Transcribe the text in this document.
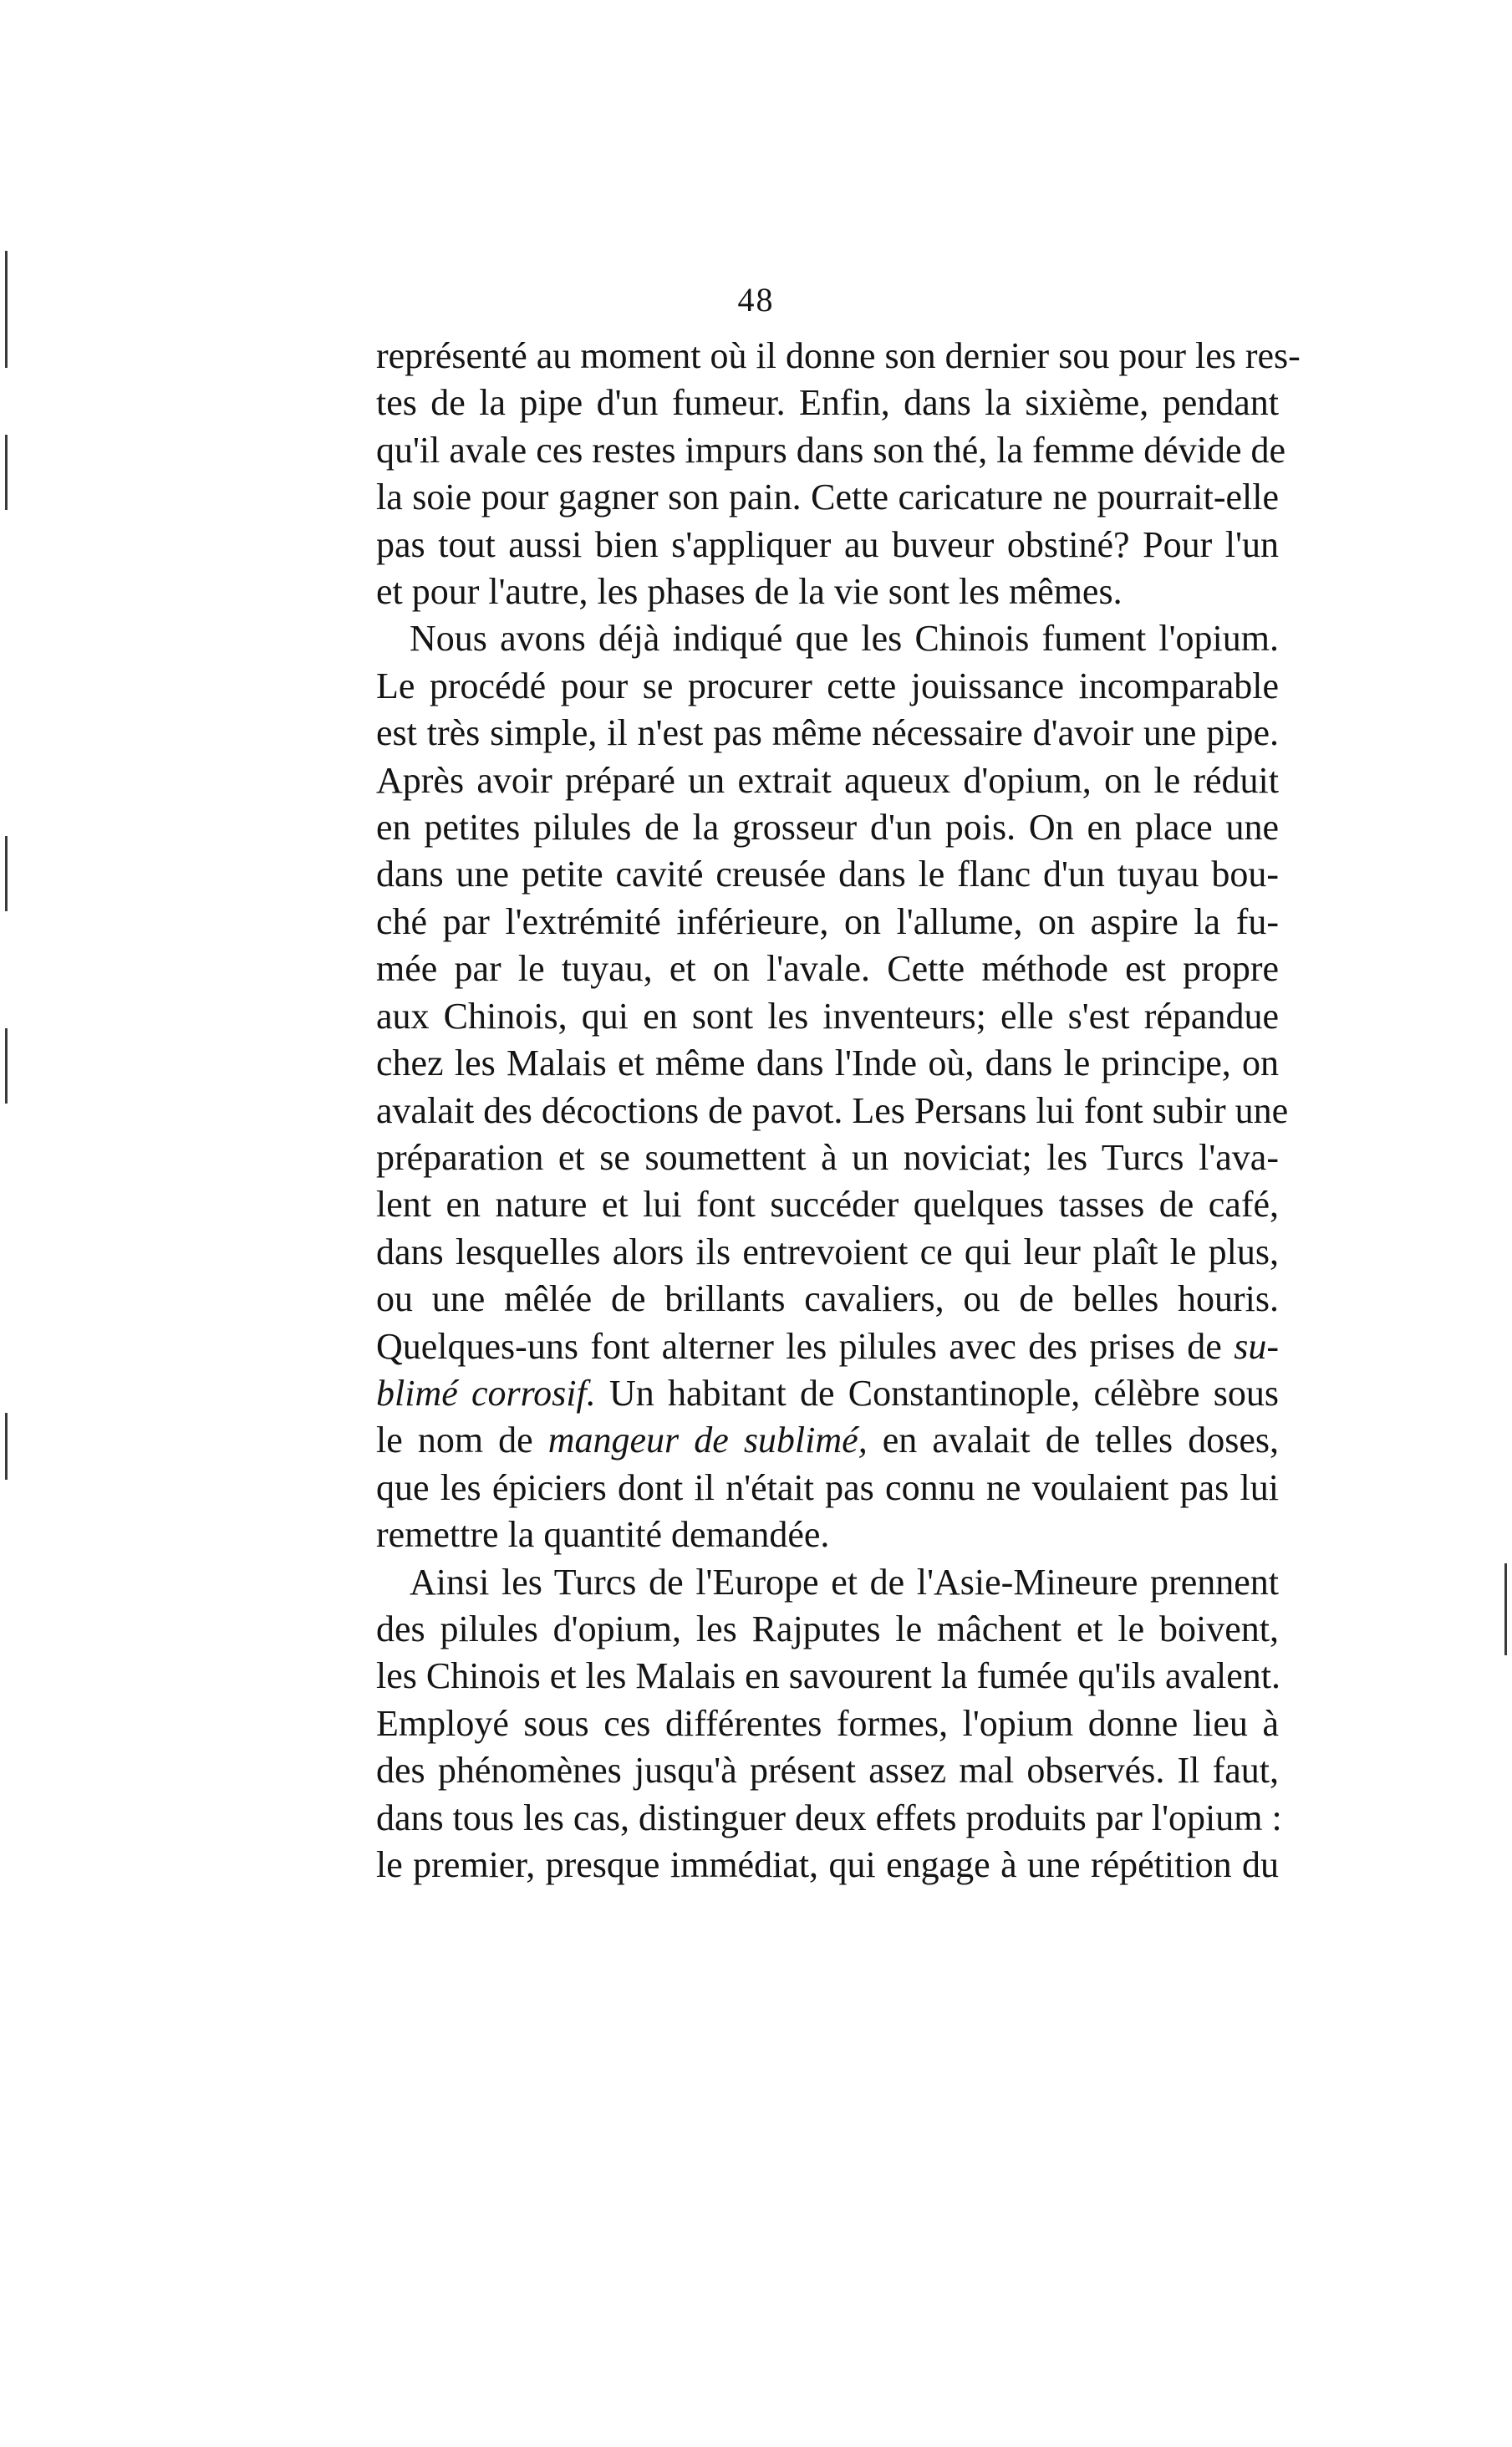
48
représenté au moment où il donne son dernier sou pour les res-
tes de la pipe d'un fumeur. Enfin, dans la sixième, pendant
qu'il avale ces restes impurs dans son thé, la femme dévide de
la soie pour gagner son pain. Cette caricature ne pourrait-elle
pas tout aussi bien s'appliquer au buveur obstiné? Pour l'un
et pour l'autre, les phases de la vie sont les mêmes.
Nous avons déjà indiqué que les Chinois fument l'opium.
Le procédé pour se procurer cette jouissance incomparable
est très simple, il n'est pas même nécessaire d'avoir une pipe.
Après avoir préparé un extrait aqueux d'opium, on le réduit
en petites pilules de la grosseur d'un pois. On en place une
dans une petite cavité creusée dans le flanc d'un tuyau bou-
ché par l'extrémité inférieure, on l'allume, on aspire la fu-
mée par le tuyau, et on l'avale. Cette méthode est propre
aux Chinois, qui en sont les inventeurs; elle s'est répandue
chez les Malais et même dans l'Inde où, dans le principe, on
avalait des décoctions de pavot. Les Persans lui font subir une
préparation et se soumettent à un noviciat; les Turcs l'ava-
lent en nature et lui font succéder quelques tasses de café,
dans lesquelles alors ils entrevoient ce qui leur plaît le plus,
ou une mêlée de brillants cavaliers, ou de belles houris.
Quelques-uns font alterner les pilules avec des prises de su-
blimé corrosif. Un habitant de Constantinople, célèbre sous
le nom de mangeur de sublimé, en avalait de telles doses,
que les épiciers dont il n'était pas connu ne voulaient pas lui
remettre la quantité demandée.
Ainsi les Turcs de l'Europe et de l'Asie-Mineure prennent
des pilules d'opium, les Rajputes le mâchent et le boivent,
les Chinois et les Malais en savourent la fumée qu'ils avalent.
Employé sous ces différentes formes, l'opium donne lieu à
des phénomènes jusqu'à présent assez mal observés. Il faut,
dans tous les cas, distinguer deux effets produits par l'opium :
le premier, presque immédiat, qui engage à une répétition du
